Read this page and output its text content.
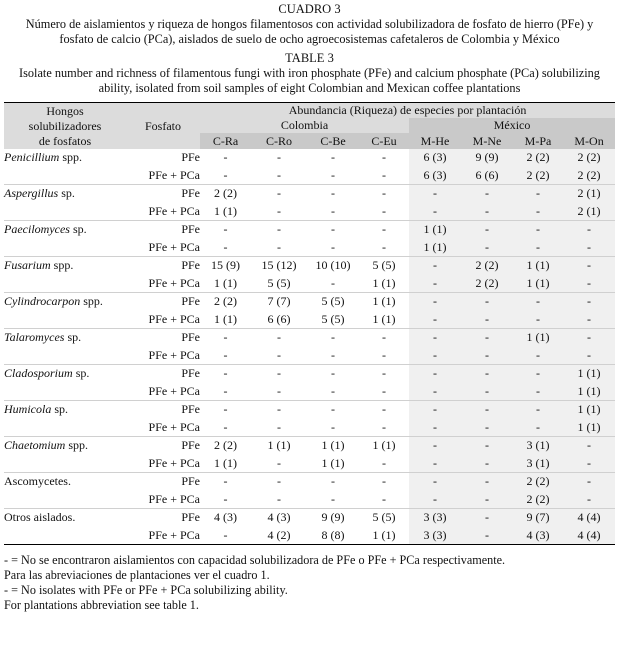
CUADRO 3
Número de aislamientos y riqueza de hongos filamentosos con actividad solubilizadora de fosfato de hierro (PFe) y
fosfato de calcio (PCa), aislados de suelo de ocho agroecosistemas cafetaleros de Colombia y México
TABLE 3
Isolate number and richness of filamentous fungi with iron phosphate (PFe) and calcium phosphate (PCa) solubilizing
ability, isolated from soil samples of eight Colombian and Mexican coffee plantations
Hongos
solubilizadores
de fosfatos	Fosfato	Abundancia (Riqueza) de especies por plantación							
		Colombia				México			
		C-Ra	C-Ro	C-Be	C-Eu	M-He	M-Ne	M-Pa	M-On
Penicillium spp.	PFe	-	-	-	-	6 (3)	9 (9)	2 (2)	2 (2)
	PFe + PCa	-	-	-	-	6 (3)	6 (6)	2 (2)	2 (2)
Aspergillus sp.	PFe	2 (2)	-	-	-	-	-	-	2 (1)
	PFe + PCa	1 (1)	-	-	-	-	-	-	2 (1)
Paecilomyces sp.	PFe	-	-	-	-	1 (1)	-	-	-
	PFe + PCa	-	-	-	-	1 (1)	-	-	-
Fusarium spp.	PFe	15 (9)	15 (12)	10 (10)	5 (5)	-	2 (2)	1 (1)	-
	PFe + PCa	1 (1)	5 (5)	-	1 (1)	-	2 (2)	1 (1)	-
Cylindrocarpon spp.	PFe	2 (2)	7 (7)	5 (5)	1 (1)	-	-	-	-
	PFe + PCa	1 (1)	6 (6)	5 (5)	1 (1)	-	-	-	-
Talaromyces sp.	PFe	-	-	-	-	-	-	1 (1)	-
	PFe + PCa	-	-	-	-	-	-	-	-
Cladosporium sp.	PFe	-	-	-	-	-	-	-	1 (1)
	PFe + PCa	-	-	-	-	-	-	-	1 (1)
Humicola sp.	PFe	-	-	-	-	-	-	-	1 (1)
	PFe + PCa	-	-	-	-	-	-	-	1 (1)
Chaetomium spp.	PFe	2 (2)	1 (1)	1 (1)	1 (1)	-	-	3 (1)	-
	PFe + PCa	1 (1)	-	1 (1)	-	-	-	3 (1)	-
Ascomycetes.	PFe	-	-	-	-	-	-	2 (2)	-
	PFe + PCa	-	-	-	-	-	-	2 (2)	-
Otros aislados.	PFe	4 (3)	4 (3)	9 (9)	5 (5)	3 (3)	-	9 (7)	4 (4)
	PFe + PCa	-	4 (2)	8 (8)	1 (1)	3 (3)	-	4 (3)	4 (4)
- = No se encontraron aislamientos con capacidad solubilizadora de PFe o PFe + PCa respectivamente.
Para las abreviaciones de plantaciones ver el cuadro 1.
- = No isolates with PFe or PFe + PCa solubilizing ability.
For plantations abbreviation see table 1.
